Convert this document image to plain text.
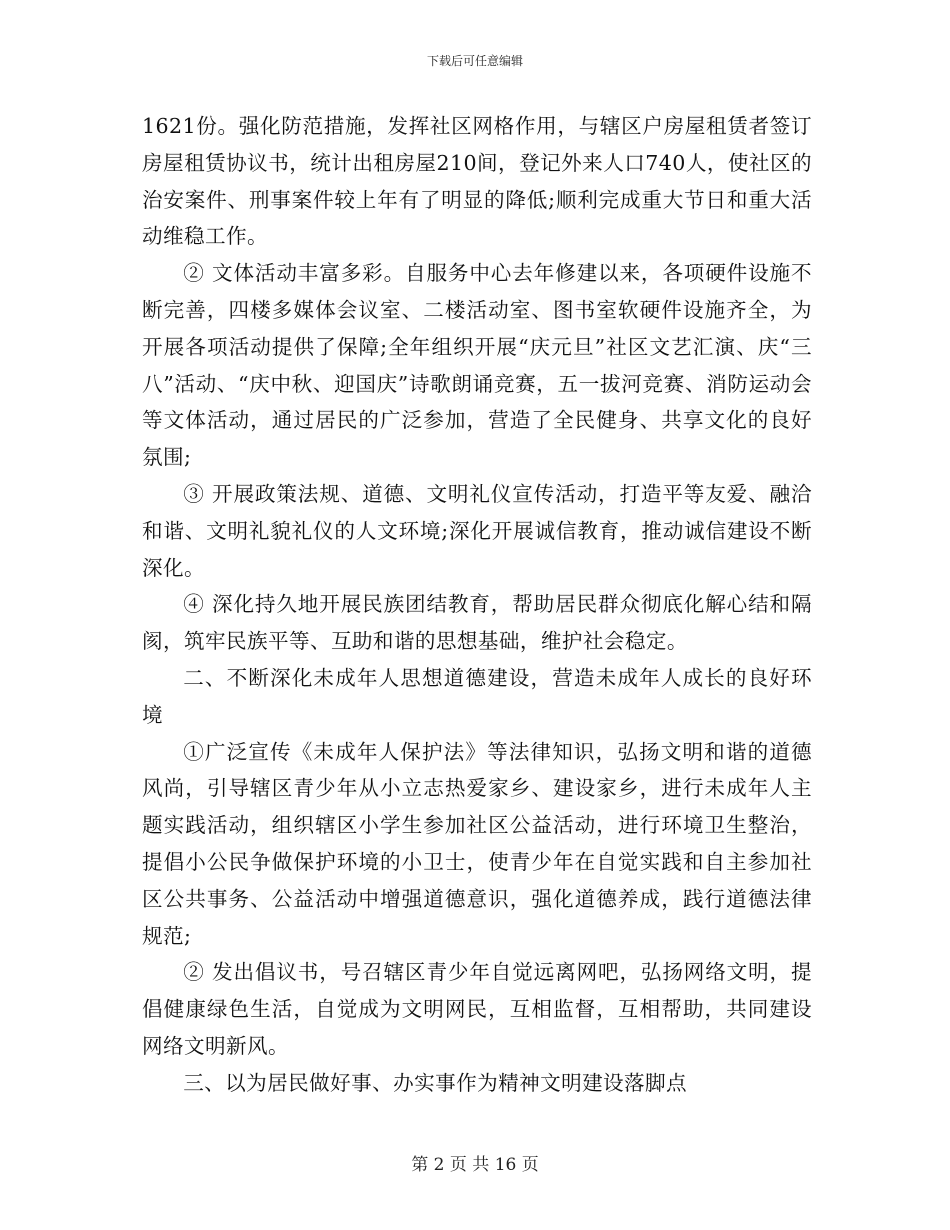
下载后可任意编辑

1621份。强化防范措施，发挥社区网格作用，与辖区户房屋租赁者签订房屋租赁协议书，统计出租房屋210间，登记外来人口740人，使社区的治安案件、刑事案件较上年有了明显的降低;顺利完成重大节日和重大活动维稳工作。

② 文体活动丰富多彩。自服务中心去年修建以来，各项硬件设施不断完善，四楼多媒体会议室、二楼活动室、图书室软硬件设施齐全，为开展各项活动提供了保障;全年组织开展“庆元旦”社区文艺汇演、庆“三八”活动、“庆中秋、迎国庆”诗歌朗诵竞赛，五一拔河竞赛、消防运动会等文体活动，通过居民的广泛参加，营造了全民健身、共享文化的良好氛围;

③ 开展政策法规、道德、文明礼仪宣传活动，打造平等友爱、融洽和谐、文明礼貌礼仪的人文环境;深化开展诚信教育，推动诚信建设不断深化。

④ 深化持久地开展民族团结教育，帮助居民群众彻底化解心结和隔阂，筑牢民族平等、互助和谐的思想基础，维护社会稳定。

二、不断深化未成年人思想道德建设，营造未成年人成长的良好环境

①广泛宣传《未成年人保护法》等法律知识，弘扬文明和谐的道德风尚，引导辖区青少年从小立志热爱家乡、建设家乡，进行未成年人主题实践活动，组织辖区小学生参加社区公益活动，进行环境卫生整治，提倡小公民争做保护环境的小卫士，使青少年在自觉实践和自主参加社区公共事务、公益活动中增强道德意识，强化道德养成，践行道德法律规范;

② 发出倡议书，号召辖区青少年自觉远离网吧，弘扬网络文明，提倡健康绿色生活，自觉成为文明网民，互相监督，互相帮助，共同建设网络文明新风。

三、以为居民做好事、办实事作为精神文明建设落脚点

第 2 页 共 16 页
